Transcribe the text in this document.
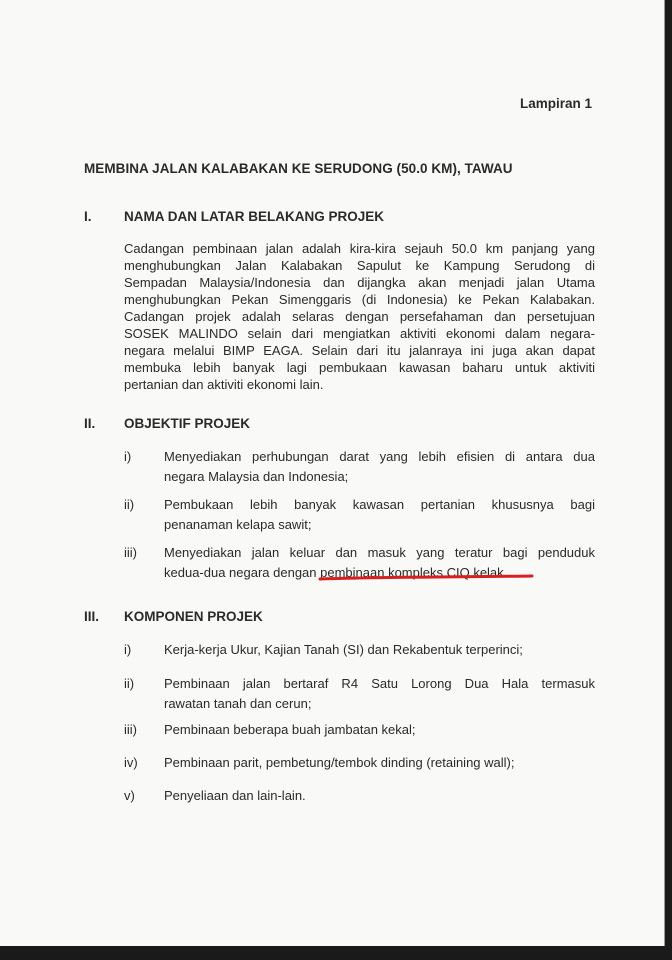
Lampiran 1
MEMBINA JALAN KALABAKAN KE SERUDONG (50.0 KM), TAWAU
I. NAMA DAN LATAR BELAKANG PROJEK
Cadangan pembinaan jalan adalah kira-kira sejauh 50.0 km panjang yang
menghubungkan Jalan Kalabakan Sapulut ke Kampung Serudong di
Sempadan Malaysia/Indonesia dan dijangka akan menjadi jalan Utama
menghubungkan Pekan Simenggaris (di Indonesia) ke Pekan Kalabakan.
Cadangan projek adalah selaras dengan persefahaman dan persetujuan
SOSEK MALINDO selain dari mengiatkan aktiviti ekonomi dalam negara-
negara melalui BIMP EAGA. Selain dari itu jalanraya ini juga akan dapat
membuka lebih banyak lagi pembukaan kawasan baharu untuk aktiviti
pertanian dan aktiviti ekonomi lain.
II. OBJEKTIF PROJEK
i)	Menyediakan perhubungan darat yang lebih efisien di antara dua
negara Malaysia dan Indonesia;
ii) Pembukaan lebih banyak kawasan pertanian khususnya bagi
penanaman kelapa sawit;
iii) Menyediakan jalan keluar dan masuk yang teratur bagi penduduk
kedua-dua negara dengan pembinaan kompleks CIQ kelak.
III. KOMPONEN PROJEK
i)	Kerja-kerja Ukur, Kajian Tanah (SI) dan Rekabentuk terperinci;
ii) Pembinaan jalan bertaraf R4 Satu Lorong Dua Hala termasuk
rawatan tanah dan cerun;
iii) Pembinaan beberapa buah jambatan kekal;
iv) Pembinaan parit, pembetung/tembok dinding (retaining wall);
v) Penyeliaan dan lain-lain.
